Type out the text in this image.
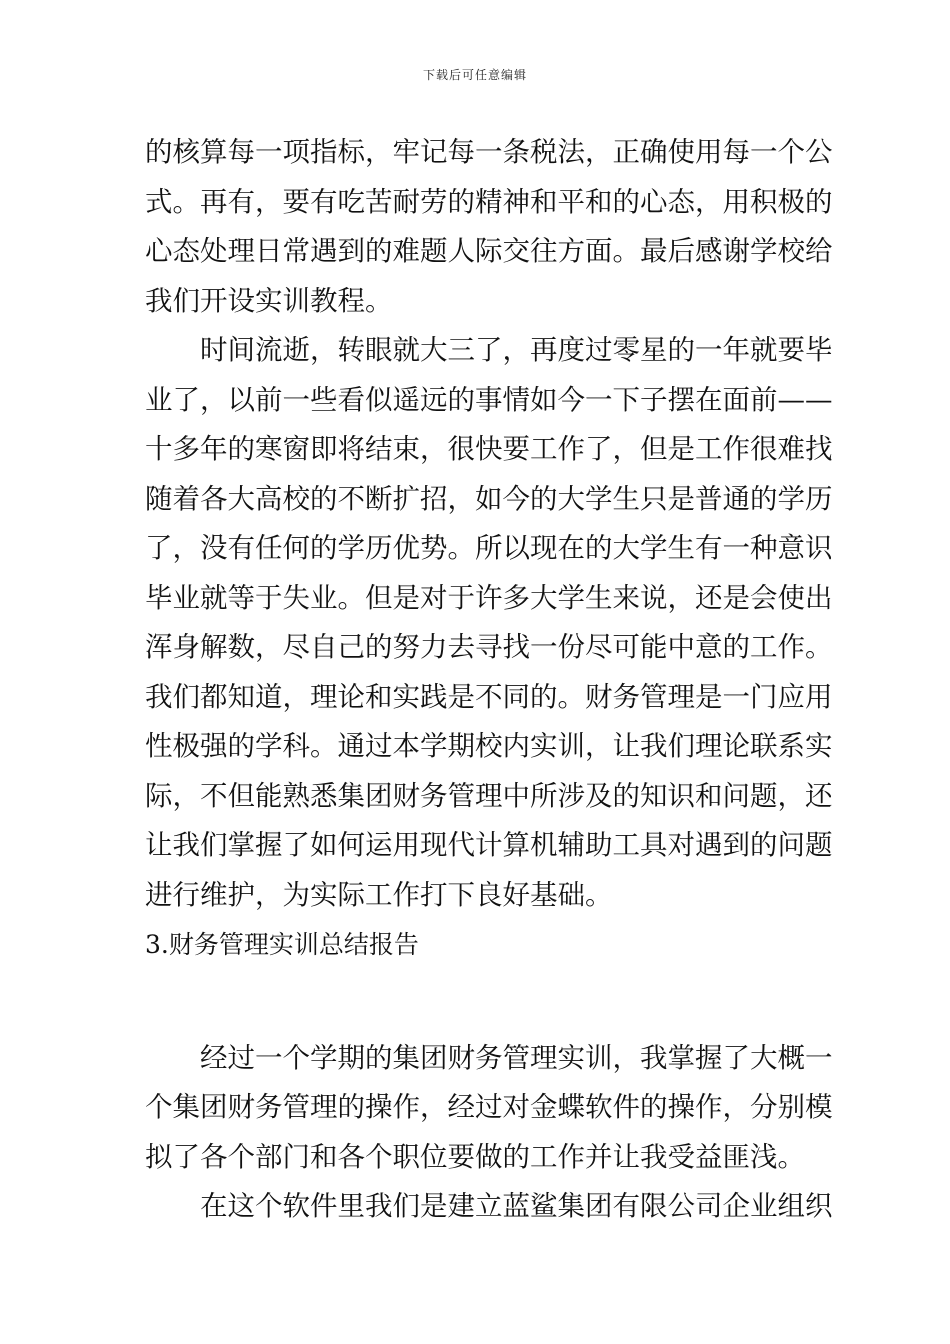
下载后可任意编辑
的核算每一项指标，牢记每一条税法，正确使用每一个公
式。再有，要有吃苦耐劳的精神和平和的心态，用积极的
心态处理日常遇到的难题人际交往方面。最后感谢学校给
我们开设实训教程。
时间流逝，转眼就大三了，再度过零星的一年就要毕
业了，以前一些看似遥远的事情如今一下子摆在面前——
十多年的寒窗即将结束，很快要工作了，但是工作很难找
随着各大高校的不断扩招，如今的大学生只是普通的学历
了，没有任何的学历优势。所以现在的大学生有一种意识
毕业就等于失业。但是对于许多大学生来说，还是会使出
浑身解数，尽自己的努力去寻找一份尽可能中意的工作。
我们都知道，理论和实践是不同的。财务管理是一门应用
性极强的学科。通过本学期校内实训，让我们理论联系实
际，不但能熟悉集团财务管理中所涉及的知识和问题，还
让我们掌握了如何运用现代计算机辅助工具对遇到的问题
进行维护，为实际工作打下良好基础。
3.财务管理实训总结报告
经过一个学期的集团财务管理实训，我掌握了大概一
个集团财务管理的操作，经过对金蝶软件的操作，分别模
拟了各个部门和各个职位要做的工作并让我受益匪浅。
在这个软件里我们是建立蓝鲨集团有限公司企业组织
